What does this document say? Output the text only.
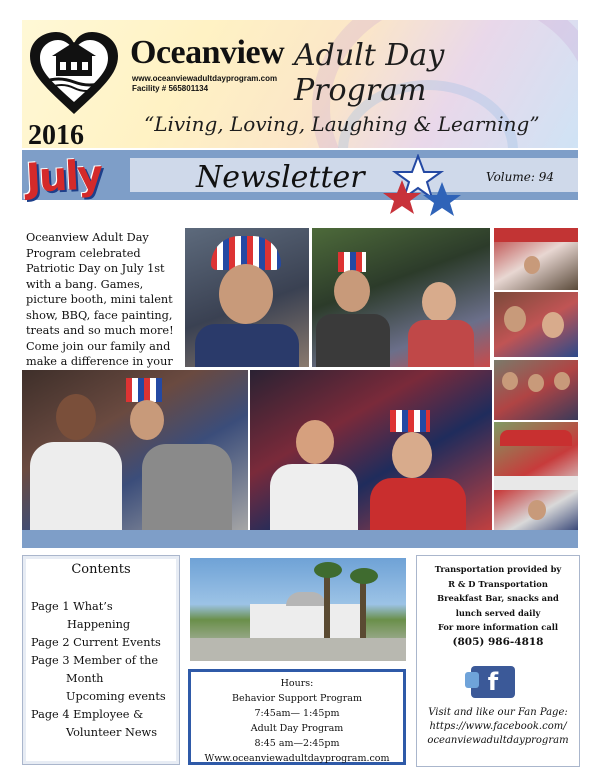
Oceanview Adult Day Program
www.oceanviewadultdayprogram.com
Facility # 565801134
“Living, Loving, Laughing & Learning”
2016
July	Newsletter	Volume: 94
Oceanview Adult Day Program celebrated Patriotic Day on July 1st with a bang. Games, picture booth, mini talent show, BBQ, face painting, treats and so much more! Come join our family and make a difference in your
Contents
Page 1 What’s
Happening
Page 2 Current Events
Page 3 Member of the
Month
Upcoming events
Page 4 Employee &
Volunteer News
Hours:
Behavior Support Program
7:45am— 1:45pm
Adult Day Program
8:45 am—2:45pm
Www.oceanviewadultdayprogram.com
Transportation provided by
R & D Transportation
Breakfast Bar, snacks and
lunch served daily
For more information call
(805) 986-4818
f
Visit and like our Fan Page:
https://www.facebook.com/
oceanviewadultdayprogram
